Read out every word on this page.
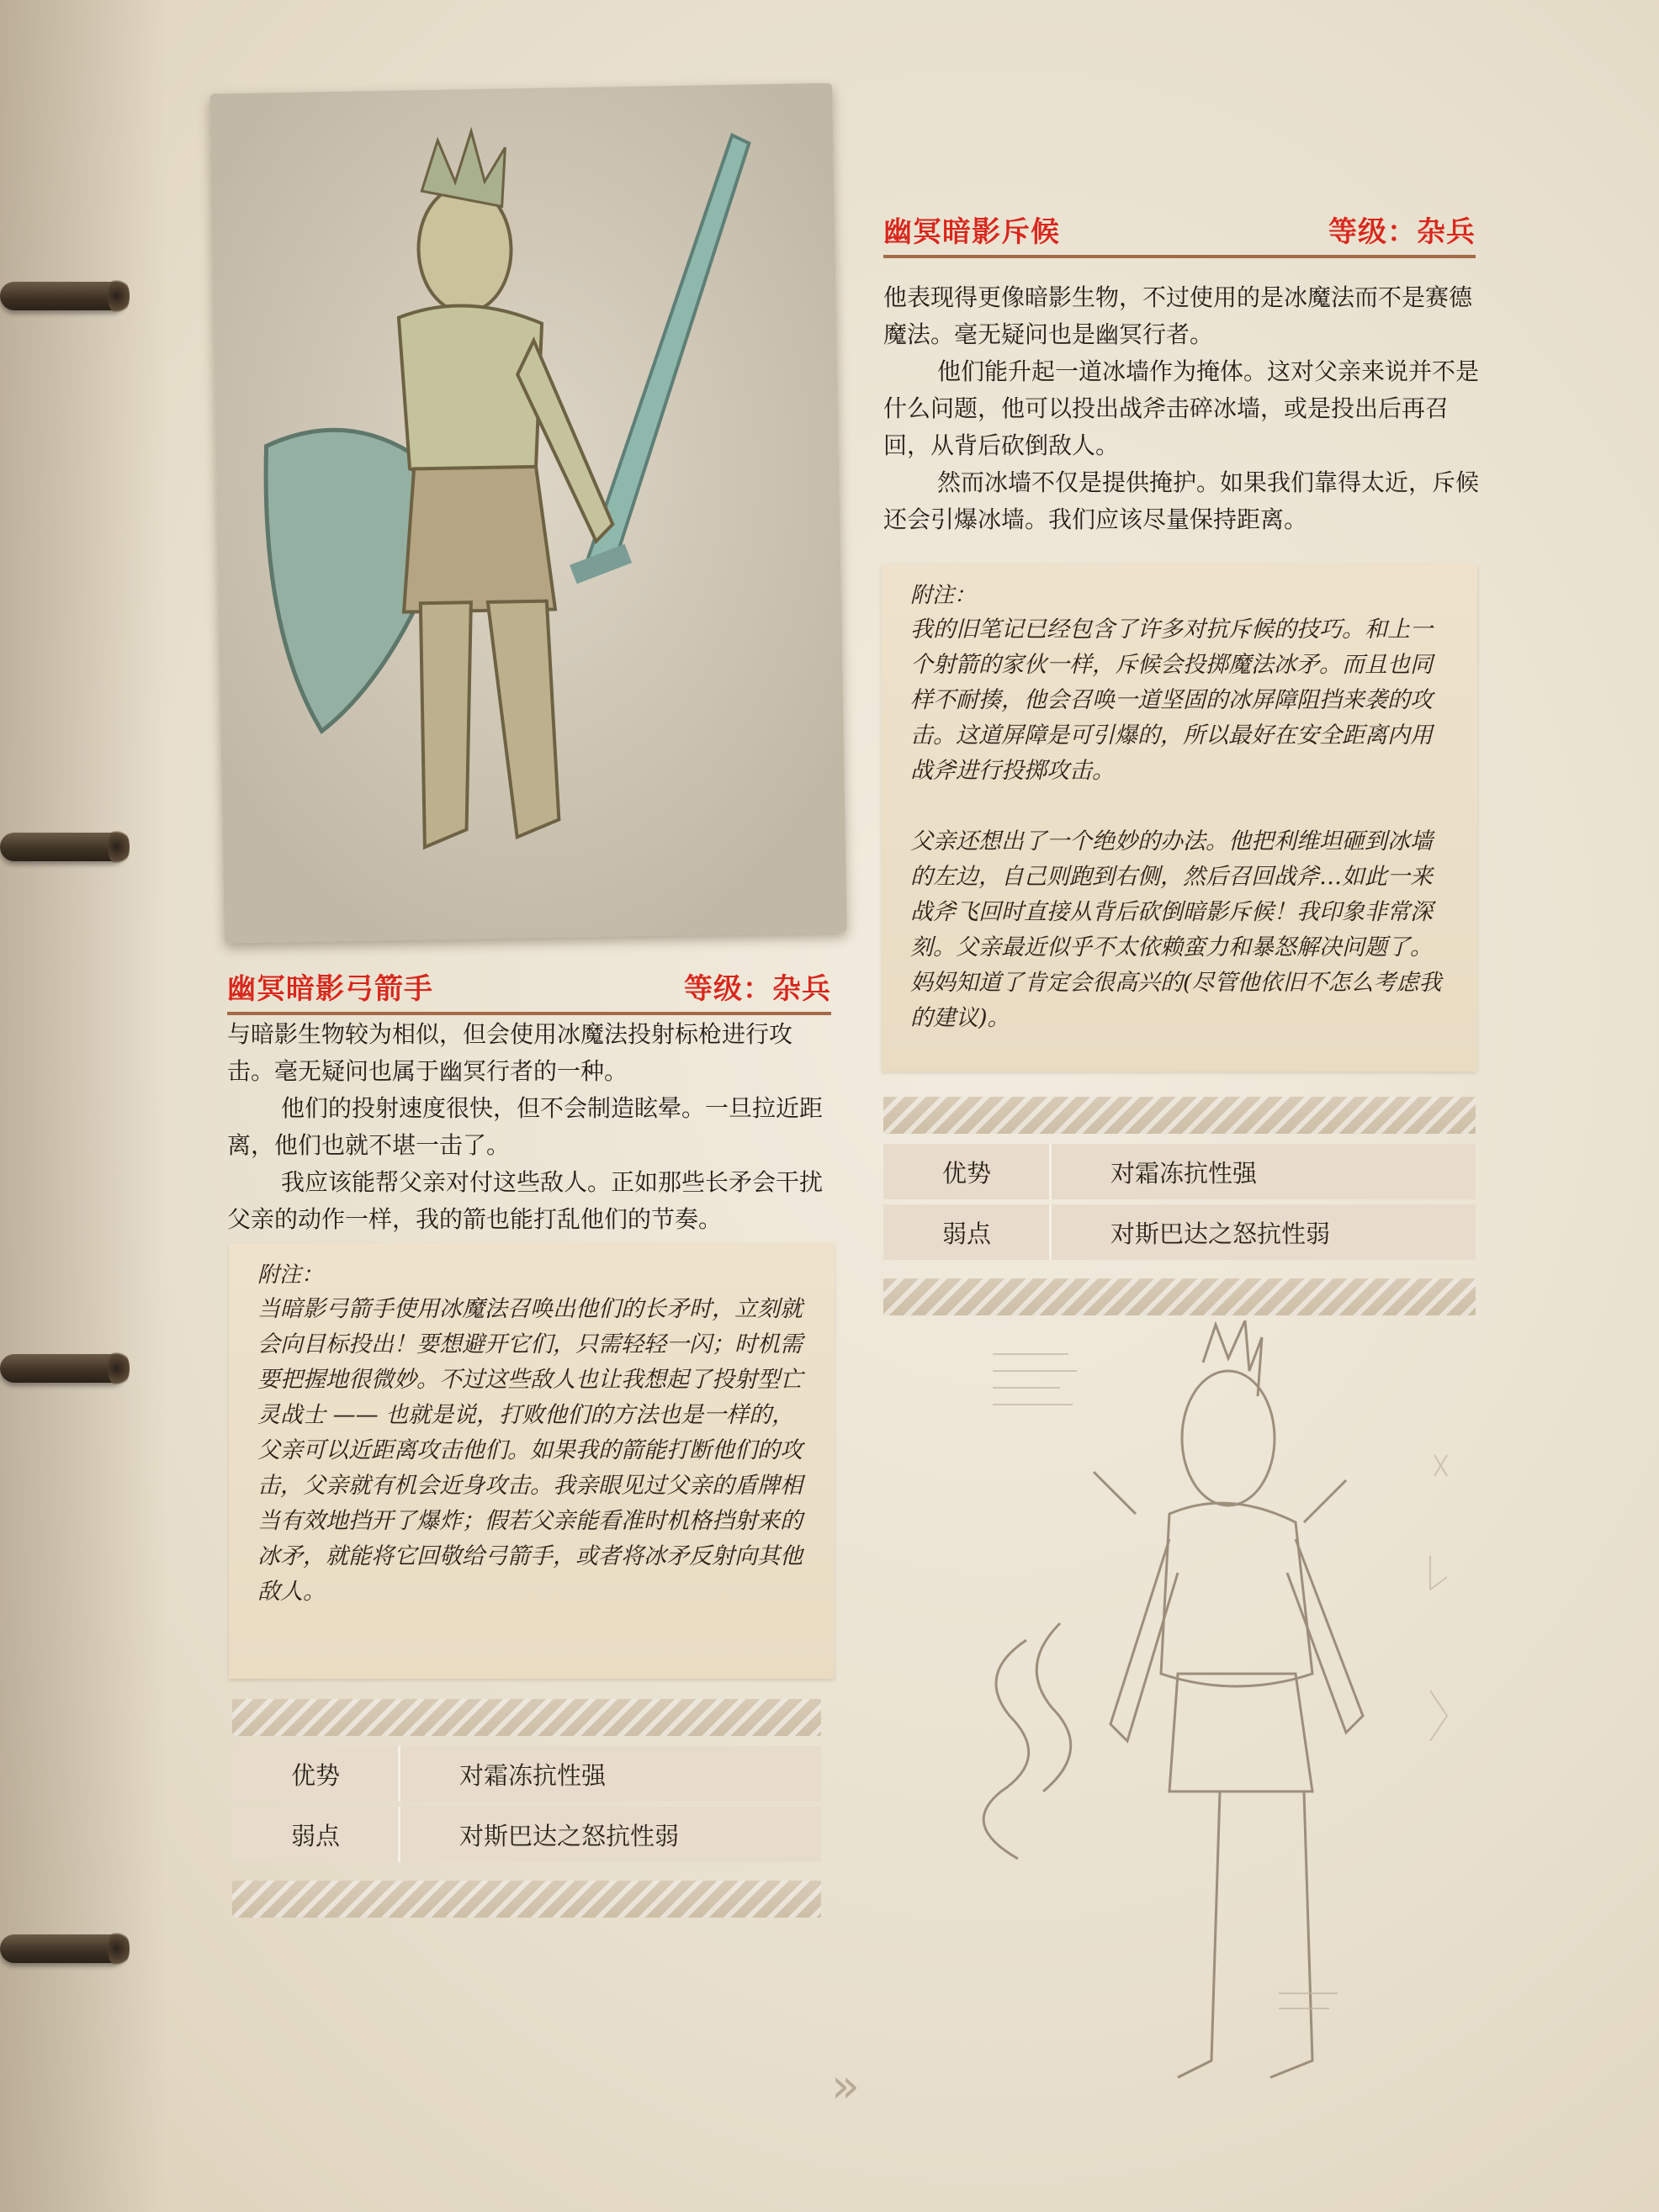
幽冥暗影弓箭手	等级：杂兵

与暗影生物较为相似，但会使用冰魔法投射标枪进行攻击。毫无疑问也属于幽冥行者的一种。

他们的投射速度很快，但不会制造眩晕。一旦拉近距离，他们也就不堪一击了。

我应该能帮父亲对付这些敌人。正如那些长矛会干扰父亲的动作一样，我的箭也能打乱他们的节奏。

附注：

当暗影弓箭手使用冰魔法召唤出他们的长矛时，立刻就会向目标投出！要想避开它们，只需轻轻一闪；时机需要把握地很微妙。不过这些敌人也让我想起了投射型亡灵战士 —— 也就是说，打败他们的方法也是一样的，父亲可以近距离攻击他们。如果我的箭能打断他们的攻击，父亲就有机会近身攻击。我亲眼见过父亲的盾牌相当有效地挡开了爆炸；假若父亲能看准时机格挡射来的冰矛，就能将它回敬给弓箭手，或者将冰矛反射向其他敌人。

优势	对霜冻抗性强
弱点	对斯巴达之怒抗性弱
幽冥暗影斥候	等级：杂兵

他表现得更像暗影生物，不过使用的是冰魔法而不是赛德魔法。毫无疑问也是幽冥行者。

他们能升起一道冰墙作为掩体。这对父亲来说并不是什么问题，他可以投出战斧击碎冰墙，或是投出后再召回，从背后砍倒敌人。

然而冰墙不仅是提供掩护。如果我们靠得太近，斥候还会引爆冰墙。我们应该尽量保持距离。

附注：

我的旧笔记已经包含了许多对抗斥候的技巧。和上一个射箭的家伙一样，斥候会投掷魔法冰矛。而且也同样不耐揍，他会召唤一道坚固的冰屏障阻挡来袭的攻击。这道屏障是可引爆的，所以最好在安全距离内用战斧进行投掷攻击。

父亲还想出了一个绝妙的办法。他把利维坦砸到冰墙的左边，自己则跑到右侧，然后召回战斧…如此一来战斧飞回时直接从背后砍倒暗影斥候！我印象非常深刻。父亲最近似乎不太依赖蛮力和暴怒解决问题了。妈妈知道了肯定会很高兴的(尽管他依旧不怎么考虑我的建议)。

优势	对霜冻抗性强
弱点	对斯巴达之怒抗性弱
»
